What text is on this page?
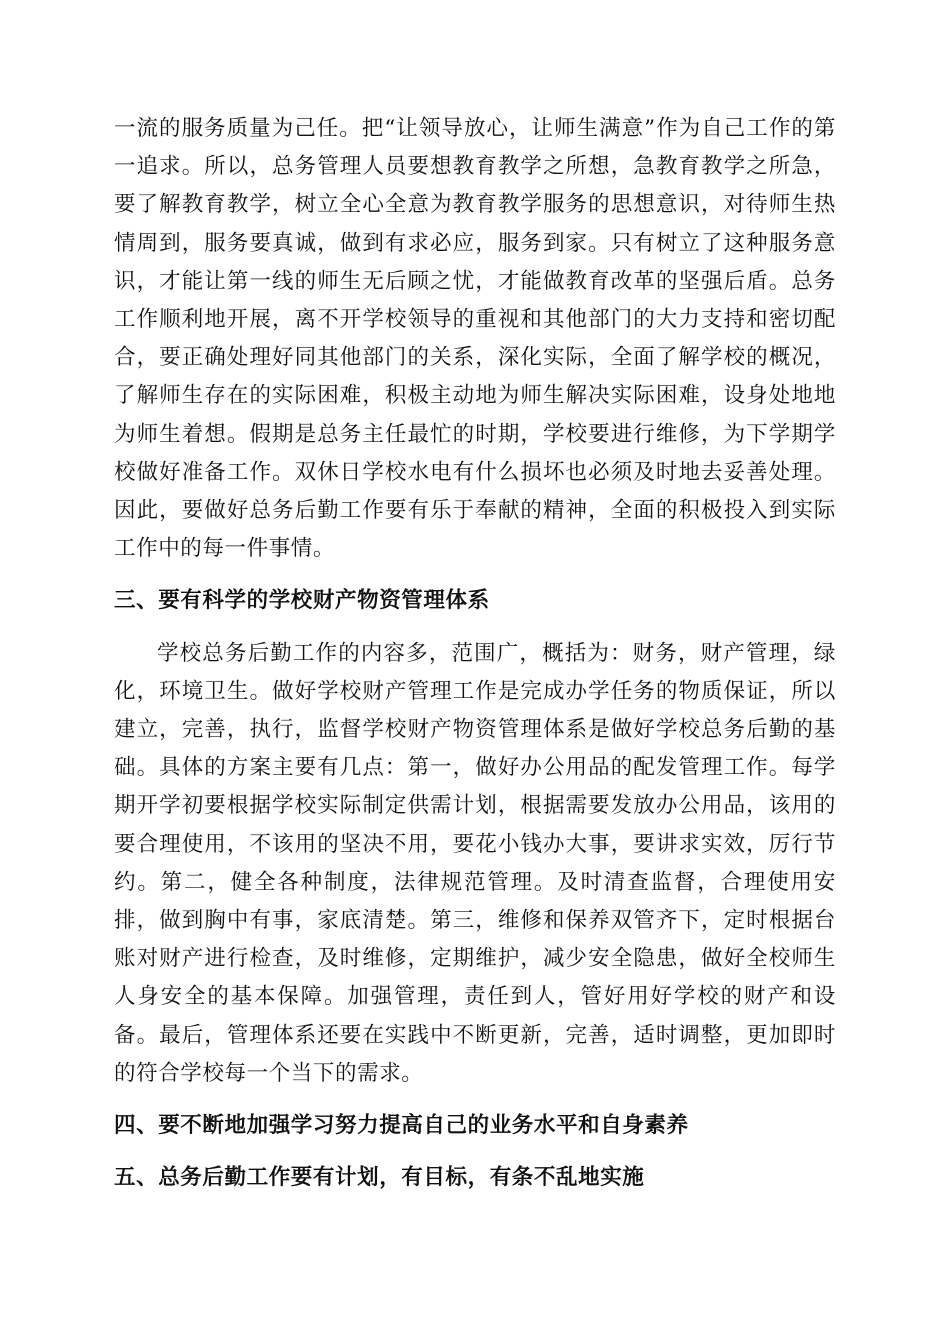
一流的服务质量为己任。把“让领导放心，让师生满意”作为自己工作的第一追求。所以，总务管理人员要想教育教学之所想，急教育教学之所急，要了解教育教学，树立全心全意为教育教学服务的思想意识，对待师生热情周到，服务要真诚，做到有求必应，服务到家。只有树立了这种服务意识，才能让第一线的师生无后顾之忧，才能做教育改革的坚强后盾。总务工作顺利地开展，离不开学校领导的重视和其他部门的大力支持和密切配合，要正确处理好同其他部门的关系，深化实际，全面了解学校的概况，了解师生存在的实际困难，积极主动地为师生解决实际困难，设身处地地为师生着想。假期是总务主任最忙的时期，学校要进行维修，为下学期学校做好准备工作。双休日学校水电有什么损坏也必须及时地去妥善处理。因此，要做好总务后勤工作要有乐于奉献的精神，全面的积极投入到实际工作中的每一件事情。

三、要有科学的学校财产物资管理体系

学校总务后勤工作的内容多，范围广，概括为：财务，财产管理，绿化，环境卫生。做好学校财产管理工作是完成办学任务的物质保证，所以建立，完善，执行，监督学校财产物资管理体系是做好学校总务后勤的基础。具体的方案主要有几点：第一，做好办公用品的配发管理工作。每学期开学初要根据学校实际制定供需计划，根据需要发放办公用品，该用的要合理使用，不该用的坚决不用，要花小钱办大事，要讲求实效，厉行节约。第二，健全各种制度，法律规范管理。及时清查监督，合理使用安排，做到胸中有事，家底清楚。第三，维修和保养双管齐下，定时根据台账对财产进行检查，及时维修，定期维护，减少安全隐患，做好全校师生人身安全的基本保障。加强管理，责任到人，管好用好学校的财产和设备。最后，管理体系还要在实践中不断更新，完善，适时调整，更加即时的符合学校每一个当下的需求。

四、要不断地加强学习努力提高自己的业务水平和自身素养
五、总务后勤工作要有计划，有目标，有条不乱地实施
